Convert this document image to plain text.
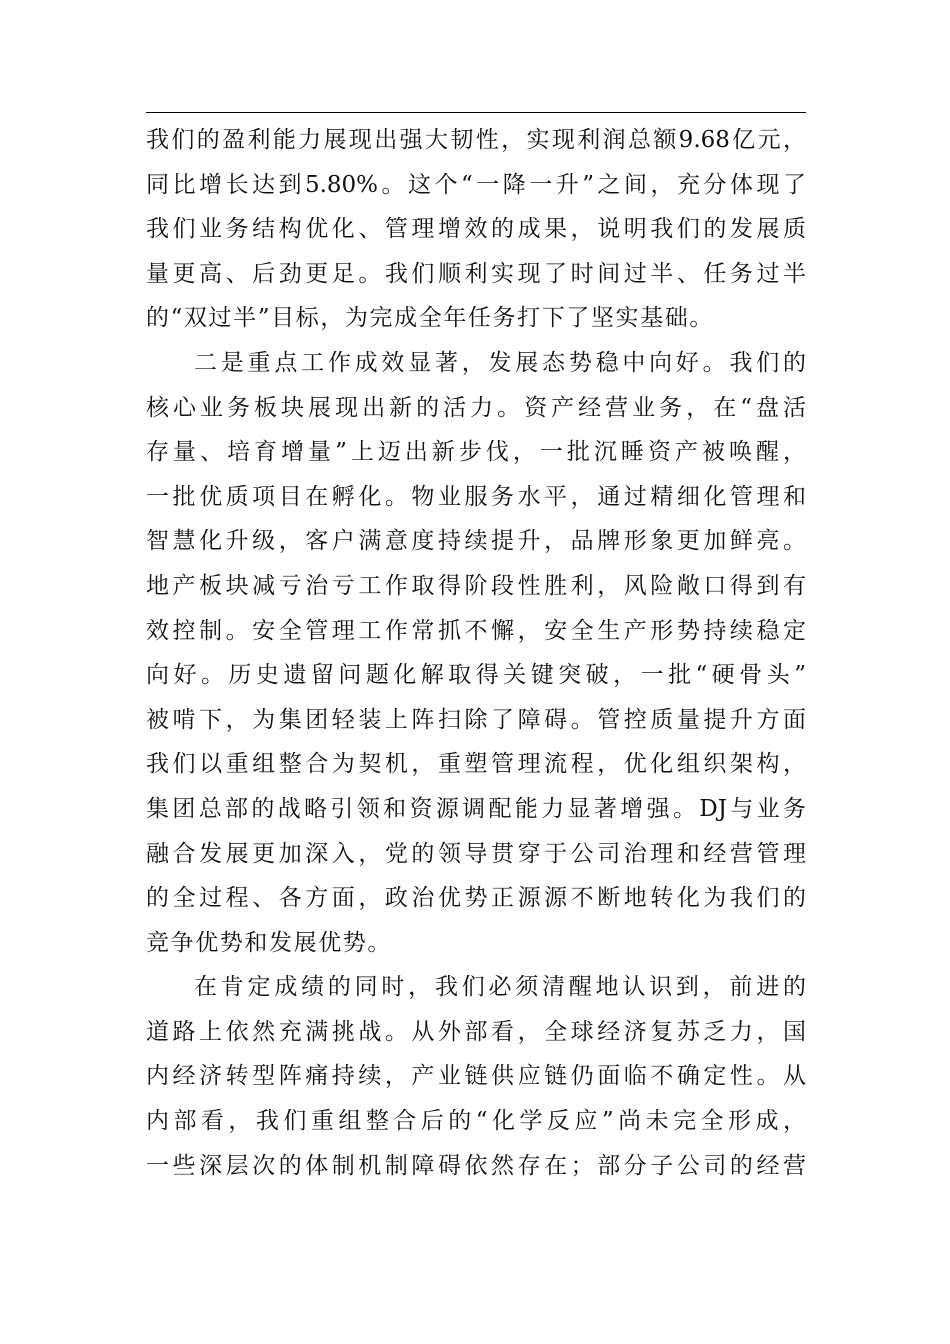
我们的盈利能力展现出强大韧性，实现利润总额9.68亿元，
同比增长达到5.80%。这个“一降一升”之间，充分体现了
我们业务结构优化、管理增效的成果，说明我们的发展质
量更高、后劲更足。我们顺利实现了时间过半、任务过半
的“双过半”目标，为完成全年任务打下了坚实基础。
二是重点工作成效显著，发展态势稳中向好。我们的
核心业务板块展现出新的活力。资产经营业务，在“盘活
存量、培育增量”上迈出新步伐，一批沉睡资产被唤醒，
一批优质项目在孵化。物业服务水平，通过精细化管理和
智慧化升级，客户满意度持续提升，品牌形象更加鲜亮。
地产板块减亏治亏工作取得阶段性胜利，风险敞口得到有
效控制。安全管理工作常抓不懈，安全生产形势持续稳定
向好。历史遗留问题化解取得关键突破，一批“硬骨头”
被啃下，为集团轻装上阵扫除了障碍。管控质量提升方面
我们以重组整合为契机，重塑管理流程，优化组织架构，
集团总部的战略引领和资源调配能力显著增强。DJ与业务
融合发展更加深入，党的领导贯穿于公司治理和经营管理
的全过程、各方面，政治优势正源源不断地转化为我们的
竞争优势和发展优势。
在肯定成绩的同时，我们必须清醒地认识到，前进的
道路上依然充满挑战。从外部看，全球经济复苏乏力，国
内经济转型阵痛持续，产业链供应链仍面临不确定性。从
内部看，我们重组整合后的“化学反应”尚未完全形成，
一些深层次的体制机制障碍依然存在；部分子公司的经营
